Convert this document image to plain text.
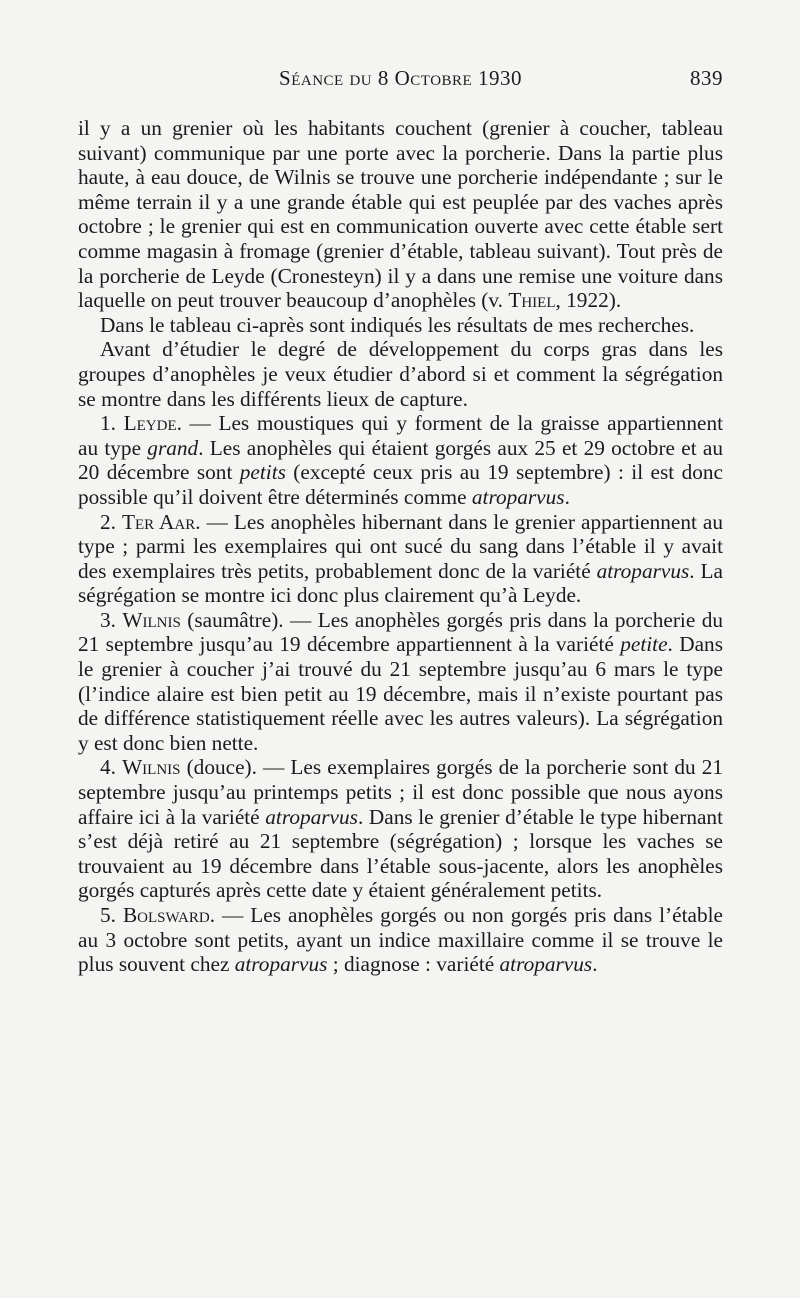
Séance du 8 Octobre 1930	839

il y a un grenier où les habitants couchent (grenier à coucher, tableau suivant) communique par une porte avec la porcherie. Dans la partie plus haute, à eau douce, de Wilnis se trouve une porcherie indépendante ; sur le même terrain il y a une grande étable qui est peuplée par des vaches après octobre ; le grenier qui est en communication ouverte avec cette étable sert comme magasin à fromage (grenier d’étable, tableau suivant). Tout près de la porcherie de Leyde (Cronesteyn) il y a dans une remise une voiture dans laquelle on peut trouver beaucoup d’anophèles (v. Thiel, 1922).

Dans le tableau ci-après sont indiqués les résultats de mes recherches.

Avant d’étudier le degré de développement du corps gras dans les groupes d’anophèles je veux étudier d’abord si et comment la ségrégation se montre dans les différents lieux de capture.

1. Leyde. — Les moustiques qui y forment de la graisse appartiennent au type grand. Les anophèles qui étaient gorgés aux 25 et 29 octobre et au 20 décembre sont petits (excepté ceux pris au 19 septembre) : il est donc possible qu’il doivent être déterminés comme atroparvus.

2. Ter Aar. — Les anophèles hibernant dans le grenier appartiennent au type ; parmi les exemplaires qui ont sucé du sang dans l’étable il y avait des exemplaires très petits, probablement donc de la variété atroparvus. La ségrégation se montre ici donc plus clairement qu’à Leyde.

3. Wilnis (saumâtre). — Les anophèles gorgés pris dans la porcherie du 21 septembre jusqu’au 19 décembre appartiennent à la variété petite. Dans le grenier à coucher j’ai trouvé du 21 septembre jusqu’au 6 mars le type (l’indice alaire est bien petit au 19 décembre, mais il n’existe pourtant pas de différence statistiquement réelle avec les autres valeurs). La ségrégation y est donc bien nette.

4. Wilnis (douce). — Les exemplaires gorgés de la porcherie sont du 21 septembre jusqu’au printemps petits ; il est donc possible que nous ayons affaire ici à la variété atroparvus. Dans le grenier d’étable le type hibernant s’est déjà retiré au 21 septembre (ségrégation) ; lorsque les vaches se trouvaient au 19 décembre dans l’étable sous-jacente, alors les anophèles gorgés capturés après cette date y étaient généralement petits.

5. Bolsward. — Les anophèles gorgés ou non gorgés pris dans l’étable au 3 octobre sont petits, ayant un indice maxillaire comme il se trouve le plus souvent chez atroparvus ; diagnose : variété atroparvus.
